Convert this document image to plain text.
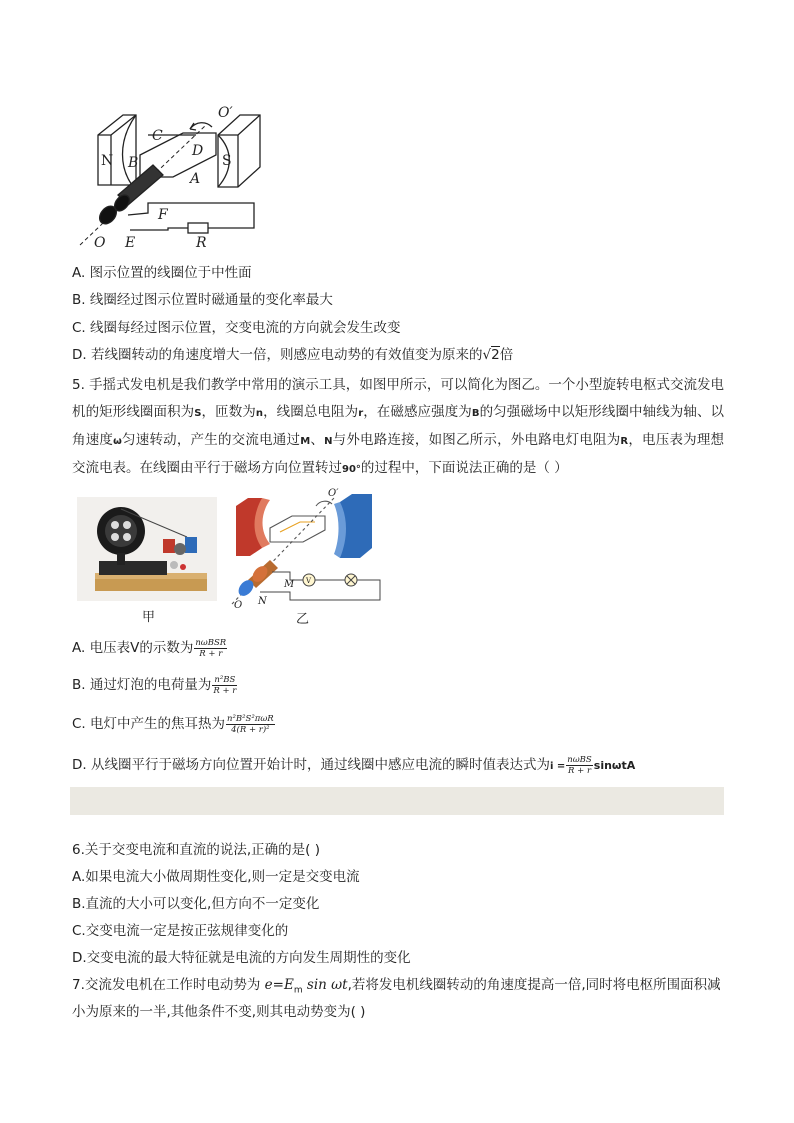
O′
C
D
N	S
B
A
F
O E	R
A. 图示位置的线圈位于中性面
B. 线圈经过图示位置时磁通量的变化率最大
C. 线圈每经过图示位置，交变电流的方向就会发生改变
D. 若线圈转动的角速度增大一倍，则感应电动势的有效值变为原来的√2倍
5. 手摇式发电机是我们教学中常用的演示工具，如图甲所示，可以简化为图乙。一个小型旋转电枢式交流发电机的矩形线圈面积为S，匝数为n，线圈总电阻为r，在磁感应强度为B的匀强磁场中以矩形线圈中轴线为轴、以角速度ω匀速转动，产生的交流电通过M、N与外电路连接，如图乙所示，外电路电灯电阻为R，电压表为理想交流电表。在线圈由平行于磁场方向位置转过90°的过程中，下面说法正确的是（ ）
甲
O′
M
N
O
V
乙
A. 电压表V的示数为 $\frac{\text{nωBSR}}{R + r}$
B. 通过灯泡的电荷量为 $\frac{\text{n²BS}}{R + r}$
C. 电灯中产生的焦耳热为 $\frac{\text{n²B²S²πωR}}{\text{4(R + r)²}}$
D. 从线圈平行于磁场方向位置开始计时，通过线圈中感应电流的瞬时值表达式为$i = \frac{\text{nωBS}}{R + r}$ sinωtA
6.关于交变电流和直流的说法,正确的是( )
A.如果电流大小做周期性变化,则一定是交变电流
B.直流的大小可以变化,但方向不一定变化
C.交变电流一定是按正弦规律变化的
D.交变电流的最大特征就是电流的方向发生周期性的变化
7.交流发电机在工作时电动势为 $e=E_m$ sin ωt,若将发电机线圈转动的角速度提高一倍,同时将电枢所围面积减
小为原来的一半,其他条件不变,则其电动势变为( )
